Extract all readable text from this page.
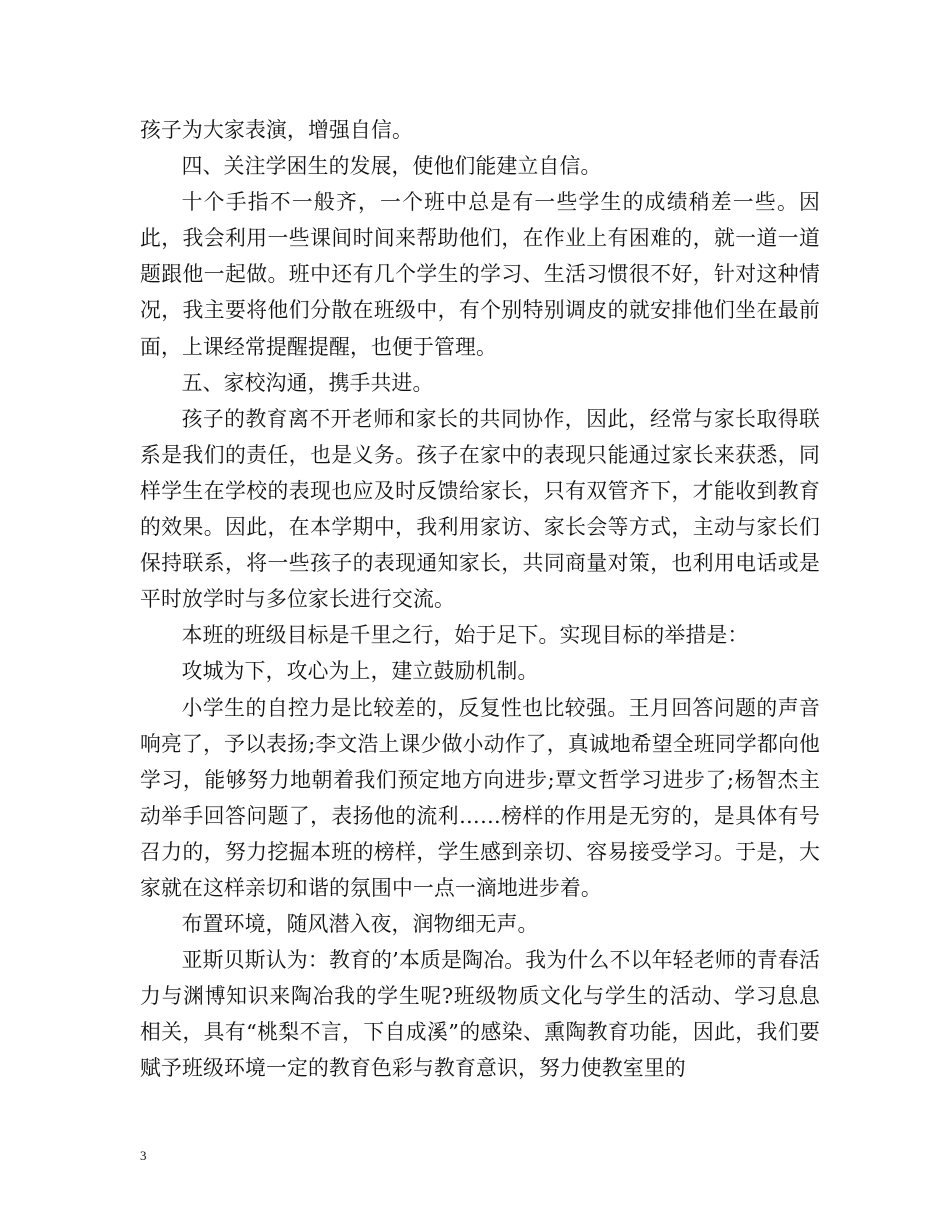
孩子为大家表演，增强自信。

四、关注学困生的发展，使他们能建立自信。

十个手指不一般齐，一个班中总是有一些学生的成绩稍差一些。因此，我会利用一些课间时间来帮助他们，在作业上有困难的，就一道一道题跟他一起做。班中还有几个学生的学习、生活习惯很不好，针对这种情况，我主要将他们分散在班级中，有个别特别调皮的就安排他们坐在最前面，上课经常提醒提醒，也便于管理。

五、家校沟通，携手共进。

孩子的教育离不开老师和家长的共同协作，因此，经常与家长取得联系是我们的责任，也是义务。孩子在家中的表现只能通过家长来获悉，同样学生在学校的表现也应及时反馈给家长，只有双管齐下，才能收到教育的效果。因此，在本学期中，我利用家访、家长会等方式，主动与家长们保持联系，将一些孩子的表现通知家长，共同商量对策，也利用电话或是平时放学时与多位家长进行交流。

本班的班级目标是千里之行，始于足下。实现目标的举措是：

攻城为下，攻心为上，建立鼓励机制。

小学生的自控力是比较差的，反复性也比较强。王月回答问题的声音响亮了，予以表扬;李文浩上课少做小动作了，真诚地希望全班同学都向他学习，能够努力地朝着我们预定地方向进步;覃文哲学习进步了;杨智杰主动举手回答问题了，表扬他的流利……榜样的作用是无穷的，是具体有号召力的，努力挖掘本班的榜样，学生感到亲切、容易接受学习。于是，大家就在这样亲切和谐的氛围中一点一滴地进步着。

布置环境，随风潜入夜，润物细无声。

亚斯贝斯认为：教育的’本质是陶冶。我为什么不以年轻老师的青春活力与渊博知识来陶冶我的学生呢?班级物质文化与学生的活动、学习息息相关，具有“桃梨不言，下自成溪”的感染、熏陶教育功能，因此，我们要赋予班级环境一定的教育色彩与教育意识，努力使教室里的

3
